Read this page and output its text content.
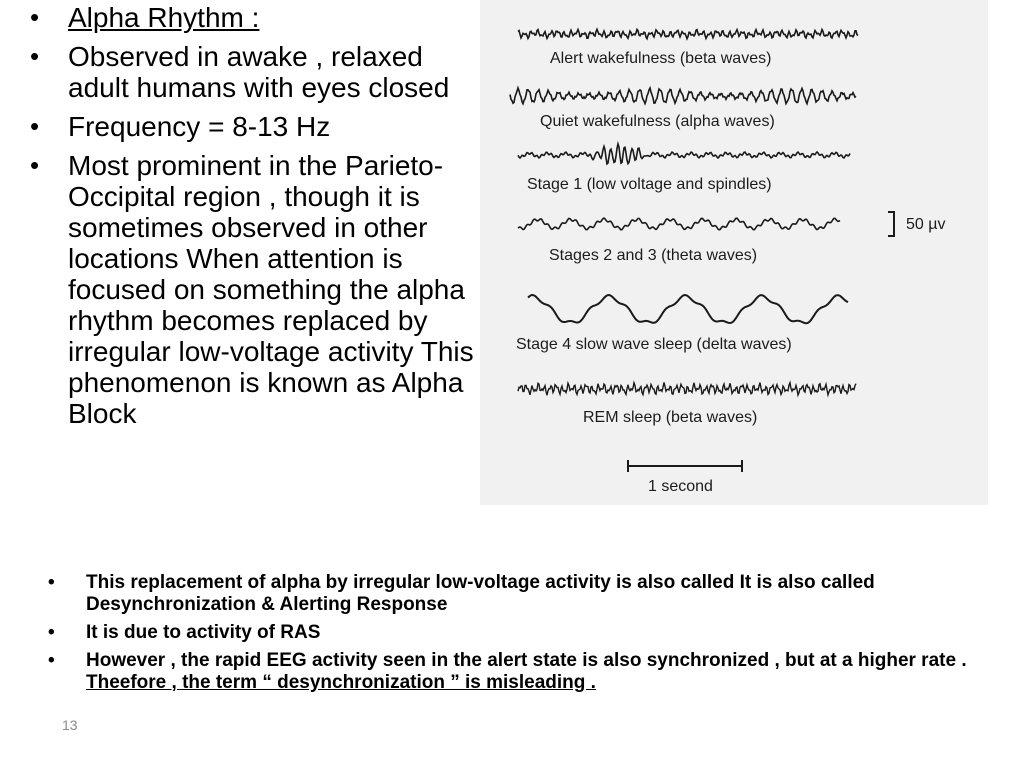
• Alpha Rhythm :
• Observed in awake , relaxed adult humans with eyes closed
• Frequency = 8-13 Hz
• Most prominent in the Parieto-Occipital region , though it is sometimes observed in other locations When attention is focused on something the alpha rhythm becomes replaced by irregular low-voltage activity This phenomenon is known as Alpha Block
Alert wakefulness (beta waves)
Quiet wakefulness (alpha waves)
Stage 1 (low voltage and spindles)
Stages 2 and 3 (theta waves)
Stage 4 slow wave sleep (delta waves)
REM sleep (beta waves)
50 µv
1 second
• This replacement of alpha by irregular low-voltage activity is also called It is also called Desynchronization & Alerting Response
• It is due to activity of RAS
• However , the rapid EEG activity seen in the alert state is also synchronized , but at a higher rate . Theefore , the term “ desynchronization ” is misleading .
13
